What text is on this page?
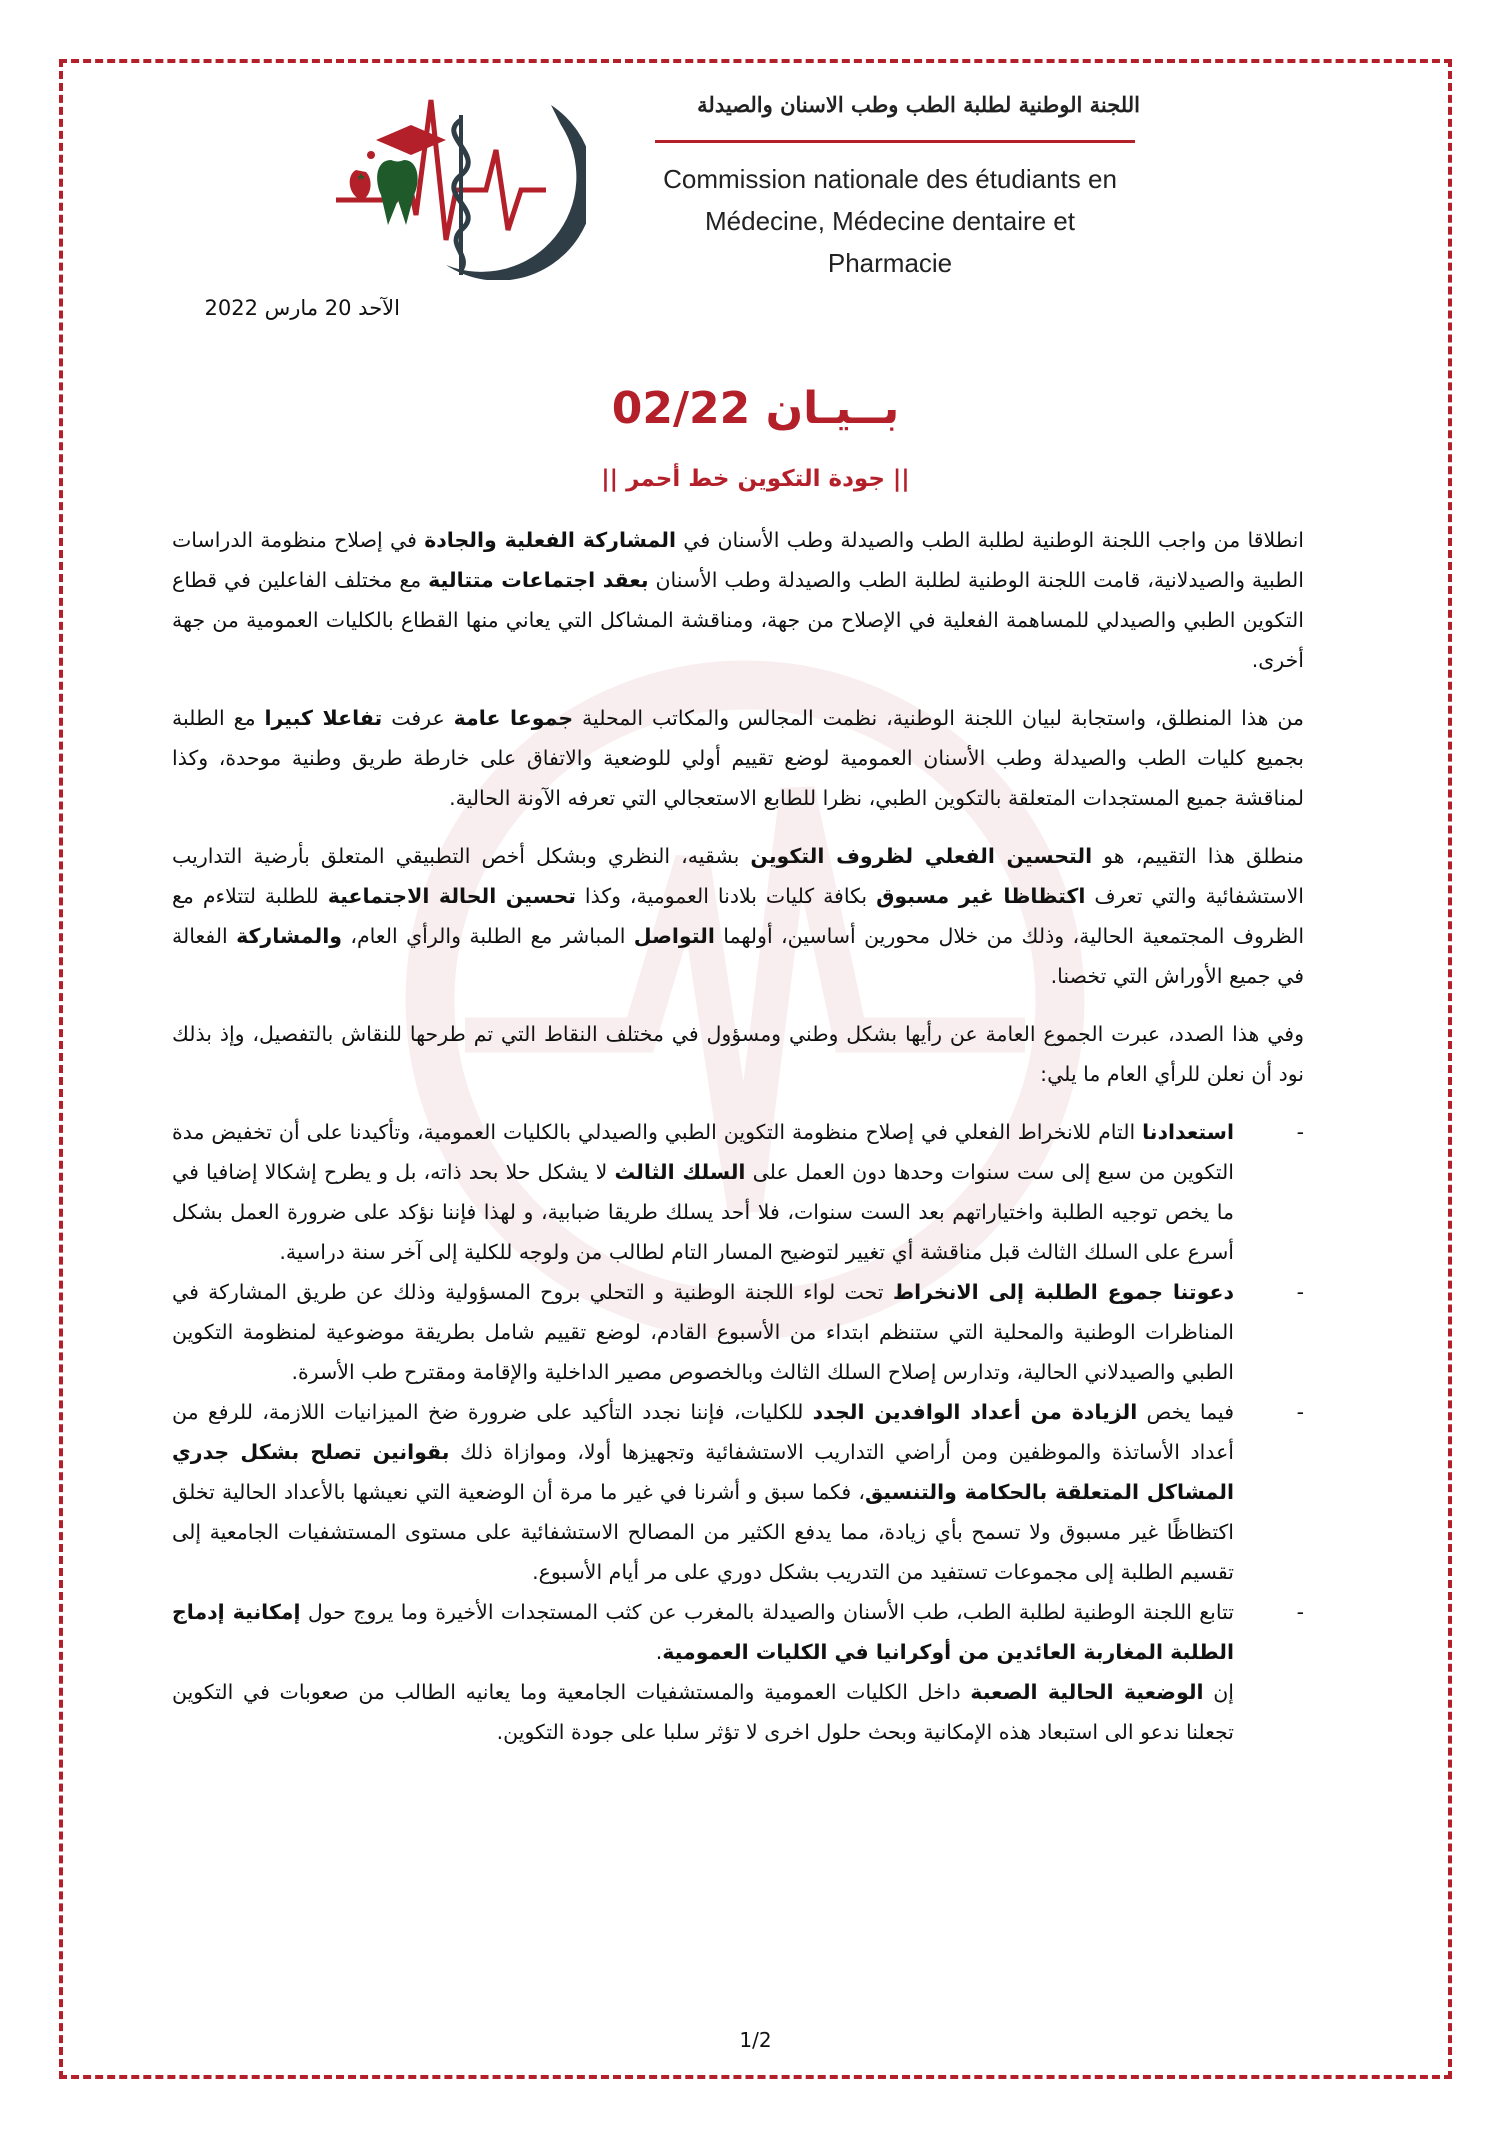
اللجنة الوطنية لطلبة الطب وطب الاسنان والصيدلة
Commission nationale des étudiants en
Médecine, Médecine dentaire et
Pharmacie
الآحد 20 مارس 2022
بــيـان 02/22
|| جودة التكوين خط أحمر ||

انطلاقا من واجب اللجنة الوطنية لطلبة الطب والصيدلة وطب الأسنان في المشاركة الفعلية والجادة في إصلاح منظومة الدراسات الطبية والصيدلانية، قامت اللجنة الوطنية لطلبة الطب والصيدلة وطب الأسنان بعقد اجتماعات متتالية مع مختلف الفاعلين في قطاع التكوين الطبي والصيدلي للمساهمة الفعلية في الإصلاح من جهة، ومناقشة المشاكل التي يعاني منها القطاع بالكليات العمومية من جهة أخرى.

من هذا المنطلق، واستجابة لبيان اللجنة الوطنية، نظمت المجالس والمكاتب المحلية جموعا عامة عرفت تفاعلا كبيرا مع الطلبة بجميع كليات الطب والصيدلة وطب الأسنان العمومية لوضع تقييم أولي للوضعية والاتفاق على خارطة طريق وطنية موحدة، وكذا لمناقشة جميع المستجدات المتعلقة بالتكوين الطبي، نظرا للطابع الاستعجالي التي تعرفه الآونة الحالية.

منطلق هذا التقييم، هو التحسين الفعلي لظروف التكوين بشقيه، النظري وبشكل أخص التطبيقي المتعلق بأرضية التداريب الاستشفائية والتي تعرف اكتظاظا غير مسبوق بكافة كليات بلادنا العمومية، وكذا تحسين الحالة الاجتماعية للطلبة لتتلاءم مع الظروف المجتمعية الحالية، وذلك من خلال محورين أساسين، أولهما التواصل المباشر مع الطلبة والرأي العام، والمشاركة الفعالة في جميع الأوراش التي تخصنا.

وفي هذا الصدد، عبرت الجموع العامة عن رأيها بشكل وطني ومسؤول في مختلف النقاط التي تم طرحها للنقاش بالتفصيل، وإذ بذلك نود أن نعلن للرأي العام ما يلي:

- استعدادنا التام للانخراط الفعلي في إصلاح منظومة التكوين الطبي والصيدلي بالكليات العمومية، وتأكيدنا على أن تخفيض مدة التكوين من سبع إلى ست سنوات وحدها دون العمل على السلك الثالث لا يشكل حلا بحد ذاته، بل و يطرح إشكالا إضافيا في ما يخص توجيه الطلبة واختياراتهم بعد الست سنوات، فلا أحد يسلك طريقا ضبابية، و لهذا فإننا نؤكد على ضرورة العمل بشكل أسرع على السلك الثالث قبل مناقشة أي تغيير لتوضيح المسار التام لطالب من ولوجه للكلية إلى آخر سنة دراسية.
- دعوتنا جموع الطلبة إلى الانخراط تحت لواء اللجنة الوطنية و التحلي بروح المسؤولية وذلك عن طريق المشاركة في المناظرات الوطنية والمحلية التي ستنظم ابتداء من الأسبوع القادم، لوضع تقييم شامل بطريقة موضوعية لمنظومة التكوين الطبي والصيدلاني الحالية، وتدارس إصلاح السلك الثالث وبالخصوص مصير الداخلية والإقامة ومقترح طب الأسرة.
- فيما يخص الزيادة من أعداد الوافدين الجدد للكليات، فإننا نجدد التأكيد على ضرورة ضخ الميزانيات اللازمة، للرفع من أعداد الأساتذة والموظفين ومن أراضي التداريب الاستشفائية وتجهيزها أولا، وموازاة ذلك بقوانين تصلح بشكل جدري المشاكل المتعلقة بالحكامة والتنسيق، فكما سبق و أشرنا في غير ما مرة أن الوضعية التي نعيشها بالأعداد الحالية تخلق اكتظاظًا غير مسبوق ولا تسمح بأي زيادة، مما يدفع الكثير من المصالح الاستشفائية على مستوى المستشفيات الجامعية إلى تقسيم الطلبة إلى مجموعات تستفيد من التدريب بشكل دوري على مر أيام الأسبوع.
- تتابع اللجنة الوطنية لطلبة الطب، طب الأسنان والصيدلة بالمغرب عن كثب المستجدات الأخيرة وما يروج حول إمكانية إدماج الطلبة المغاربة العائدين من أوكرانيا في الكليات العمومية.

إن الوضعية الحالية الصعبة داخل الكليات العمومية والمستشفيات الجامعية وما يعانيه الطالب من صعوبات في التكوين تجعلنا ندعو الى استبعاد هذه الإمكانية وبحث حلول اخرى لا تؤثر سلبا على جودة التكوين.

1/2
